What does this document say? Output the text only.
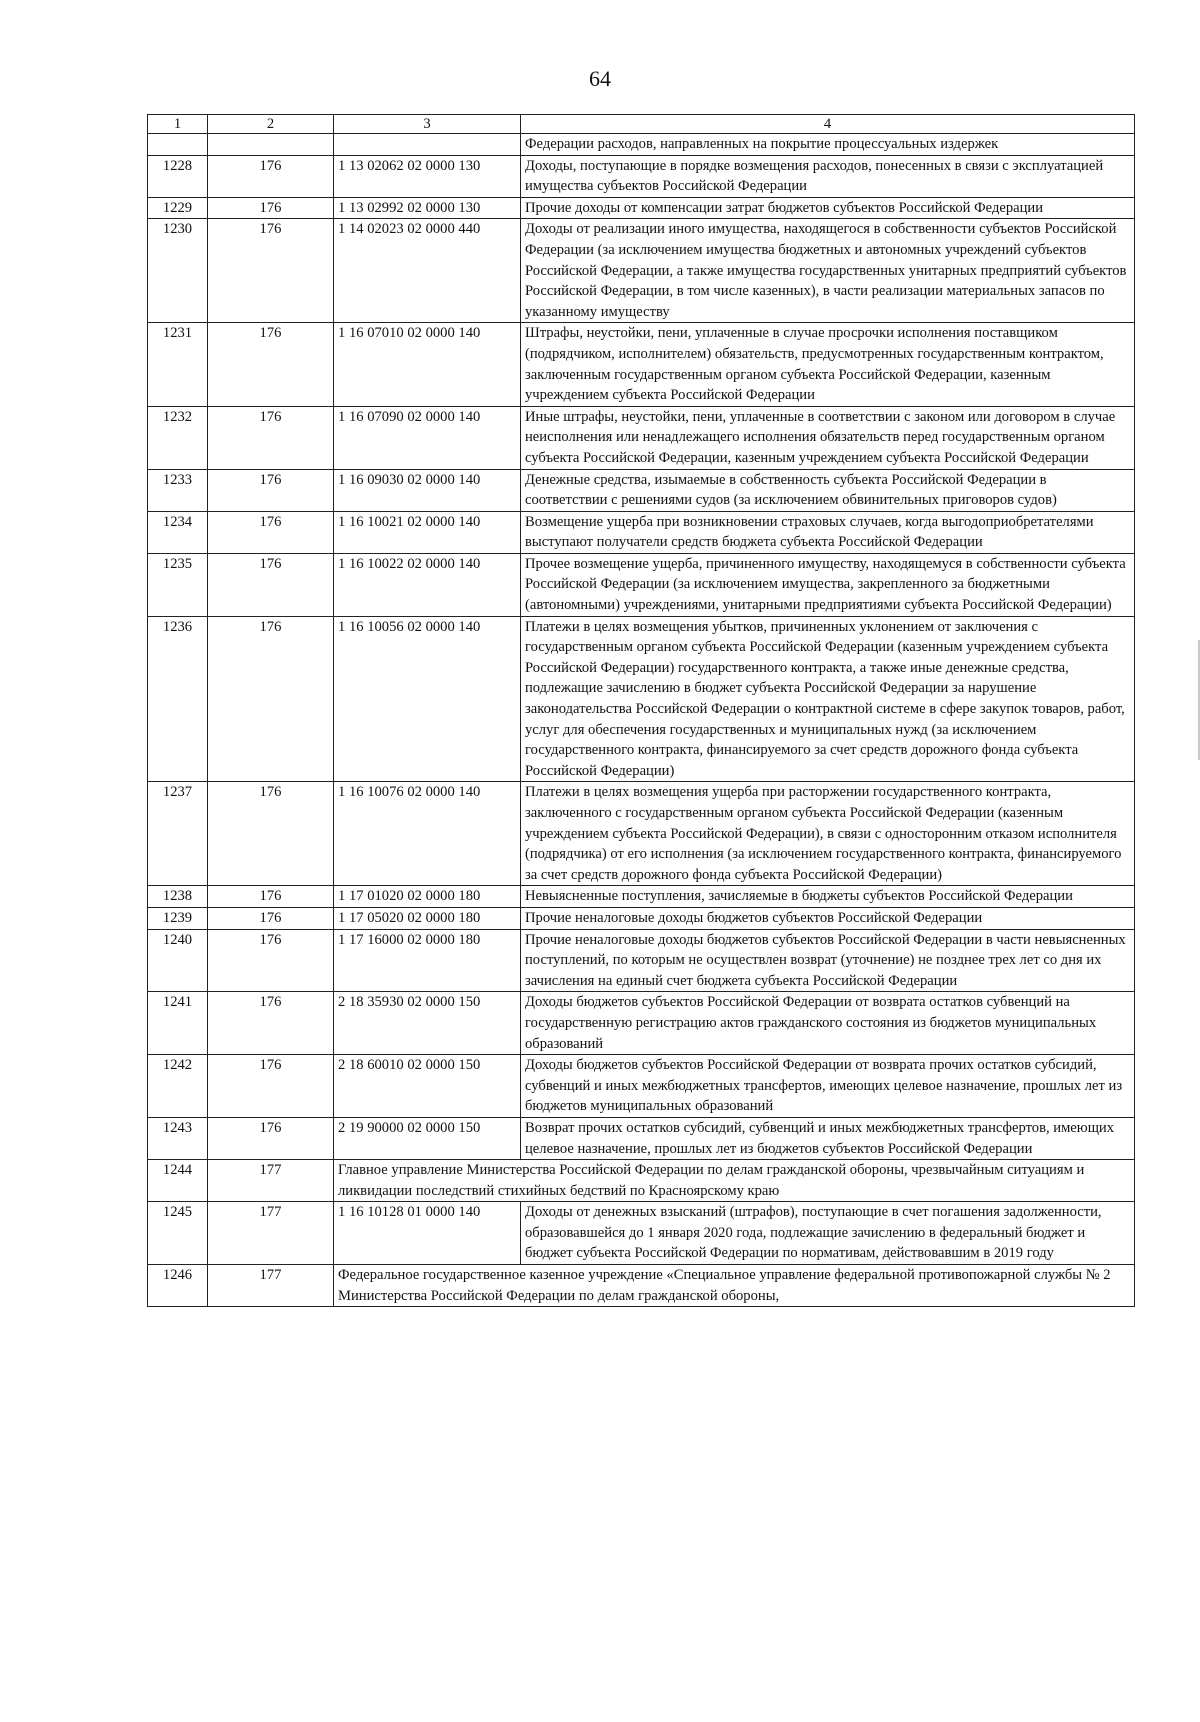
64
1	2	3	4
			Федерации расходов, направленных на покрытие процессуальных издержек
1228	176	1 13 02062 02 0000 130	Доходы, поступающие в порядке возмещения расходов, понесенных в связи с эксплуатацией имущества субъектов Российской Федерации
1229	176	1 13 02992 02 0000 130	Прочие доходы от компенсации затрат бюджетов субъектов Российской Федерации
1230	176	1 14 02023 02 0000 440	Доходы от реализации иного имущества, находящегося в собственности субъектов Российской Федерации (за исключением имущества бюджетных и автономных учреждений субъектов Российской Федерации, а также имущества государственных унитарных предприятий субъектов Российской Федерации, в том числе казенных), в части реализации материальных запасов по указанному имуществу
1231	176	1 16 07010 02 0000 140	Штрафы, неустойки, пени, уплаченные в случае просрочки исполнения поставщиком (подрядчиком, исполнителем) обязательств, предусмотренных государственным контрактом, заключенным государственным органом субъекта Российской Федерации, казенным учреждением субъекта Российской Федерации
1232	176	1 16 07090 02 0000 140	Иные штрафы, неустойки, пени, уплаченные в соответствии с законом или договором в случае неисполнения или ненадлежащего исполнения обязательств перед государственным органом субъекта Российской Федерации, казенным учреждением субъекта Российской Федерации
1233	176	1 16 09030 02 0000 140	Денежные средства, изымаемые в собственность субъекта Российской Федерации в соответствии с решениями судов (за исключением обвинительных приговоров судов)
1234	176	1 16 10021 02 0000 140	Возмещение ущерба при возникновении страховых случаев, когда выгодоприобретателями выступают получатели средств бюджета субъекта Российской Федерации
1235	176	1 16 10022 02 0000 140	Прочее возмещение ущерба, причиненного имуществу, находящемуся в собственности субъекта Российской Федерации (за исключением имущества, закрепленного за бюджетными (автономными) учреждениями, унитарными предприятиями субъекта Российской Федерации)
1236	176	1 16 10056 02 0000 140	Платежи в целях возмещения убытков, причиненных уклонением от заключения с государственным органом субъекта Российской Федерации (казенным учреждением субъекта Российской Федерации) государственного контракта, а также иные денежные средства, подлежащие зачислению в бюджет субъекта Российской Федерации за нарушение законодательства Российской Федерации о контрактной системе в сфере закупок товаров, работ, услуг для обеспечения государственных и муниципальных нужд (за исключением государственного контракта, финансируемого за счет средств дорожного фонда субъекта Российской Федерации)
1237	176	1 16 10076 02 0000 140	Платежи в целях возмещения ущерба при расторжении государственного контракта, заключенного с государственным органом субъекта Российской Федерации (казенным учреждением субъекта Российской Федерации), в связи с односторонним отказом исполнителя (подрядчика) от его исполнения (за исключением государственного контракта, финансируемого за счет средств дорожного фонда субъекта Российской Федерации)
1238	176	1 17 01020 02 0000 180	Невыясненные поступления, зачисляемые в бюджеты субъектов Российской Федерации
1239	176	1 17 05020 02 0000 180	Прочие неналоговые доходы бюджетов субъектов Российской Федерации
1240	176	1 17 16000 02 0000 180	Прочие неналоговые доходы бюджетов субъектов Российской Федерации в части невыясненных поступлений, по которым не осуществлен возврат (уточнение) не позднее трех лет со дня их зачисления на единый счет бюджета субъекта Российской Федерации
1241	176	2 18 35930 02 0000 150	Доходы бюджетов субъектов Российской Федерации от возврата остатков субвенций на государственную регистрацию актов гражданского состояния из бюджетов муниципальных образований
1242	176	2 18 60010 02 0000 150	Доходы бюджетов субъектов Российской Федерации от возврата прочих остатков субсидий, субвенций и иных межбюджетных трансфертов, имеющих целевое назначение, прошлых лет из бюджетов муниципальных образований
1243	176	2 19 90000 02 0000 150	Возврат прочих остатков субсидий, субвенций и иных межбюджетных трансфертов, имеющих целевое назначение, прошлых лет из бюджетов субъектов Российской Федерации
1244	177	Главное управление Министерства Российской Федерации по делам гражданской обороны, чрезвычайным ситуациям и ликвидации последствий стихийных бедствий по Красноярскому краю	
1245	177	1 16 10128 01 0000 140	Доходы от денежных взысканий (штрафов), поступающие в счет погашения задолженности, образовавшейся до 1 января 2020 года, подлежащие зачислению в федеральный бюджет и бюджет субъекта Российской Федерации по нормативам, действовавшим в 2019 году
1246	177	Федеральное государственное казенное учреждение «Специальное управление федеральной противопожарной службы № 2 Министерства Российской Федерации по делам гражданской обороны,	
